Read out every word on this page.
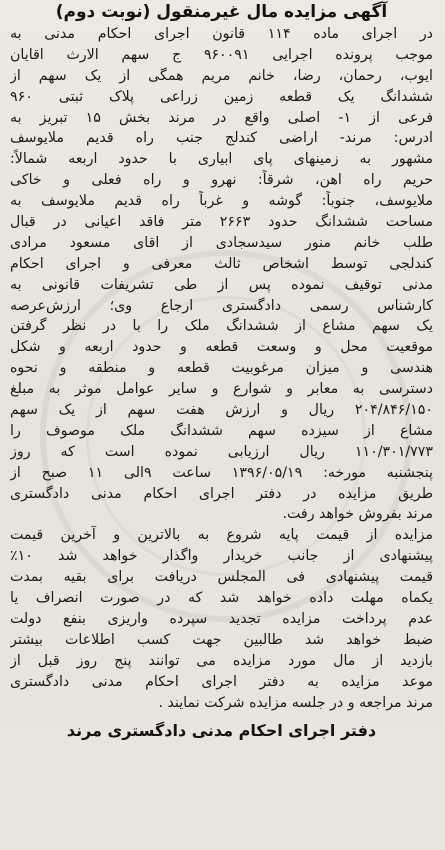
آگهی مزایده مال غیرمنقول (نوبت دوم)
در اجرای ماده ۱۱۴ قانون اجرای احکام مدنی به
موجب پرونده اجرایی ۹۶۰۰۹۱ ج سهم الارث اقایان
ایوب، رحمان، رضا، خانم مریم همگی از یک سهم از
ششدانگ یک قطعه زمین زراعی پلاک ثبتی ۹۶۰
فرعی از ۱- اصلی واقع در مرند بخش ۱۵ تبریز به
ادرس: مرند- اراضی کندلج جنب راه قدیم ملایوسف
مشهور به زمینهای پای ابیاری با حدود اربعه شمالاً:
حریم راه اهن، شرقاً: نهرو و راه فعلی و خاکی
ملایوسف، جنوباً: گوشه و غرباً راه قدیم ملایوسف به
مساحت ششدانگ حدود ۲۶۶۳ متر فاقد اعیانی در قبال
طلب خانم منور سیدسجادی از اقای مسعود مرادی
کندلجی توسط اشخاص ثالث معرفی و اجرای احکام
مدنی توقیف نموده پس از طی تشریفات قانونی به
کارشناس رسمی دادگستری ارجاع وی؛ ارزش‌عرصه
یک سهم مشاع از ششدانگ ملک را با در نظر گرفتن
موقعیت محل و وسعت قطعه و حدود اربعه و شکل
هندسی و میزان مرغوبیت قطعه و منطقه و نحوه
دسترسی به معابر و شوارع و سایر عوامل موثر به مبلغ
۲۰۴/۸۴۶/۱۵۰ ریال و ارزش هفت سهم از یک سهم
مشاع از سیزده سهم ششدانگ ملک موصوف را
۱۱۰/۳۰۱/۷۷۳ ریال ارزیابی نموده است که روز
پنجشنبه مورخه: ۱۳۹۶/۰۵/۱۹ ساعت ۹الی ۱۱ صبح از
طریق مزایده در دفتر اجرای احکام مدنی دادگستری
مرند بفروش خواهد رفت.
مزایده از قیمت پایه شروع به بالاترین و آخرین قیمت
پیشنهادی از جانب خریدار واگذار خواهد شد ۱۰٪
قیمت پیشنهادی فی المجلس دریافت برای بقیه بمدت
یکماه مهلت داده خواهد شد که در صورت انصراف یا
عدم پرداخت مزایده تجدید سپرده واریزی بنفع دولت
ضبط خواهد شد طالبین جهت کسب اطلاعات بیشتر
بازدید از مال مورد مزایده می توانند پنج روز قبل از
موعد مزایده به دفتر اجرای احکام مدنی دادگستری
مرند مراجعه و در جلسه مزایده شرکت نمایند .
دفتر اجرای احکام مدنی دادگستری مرند
